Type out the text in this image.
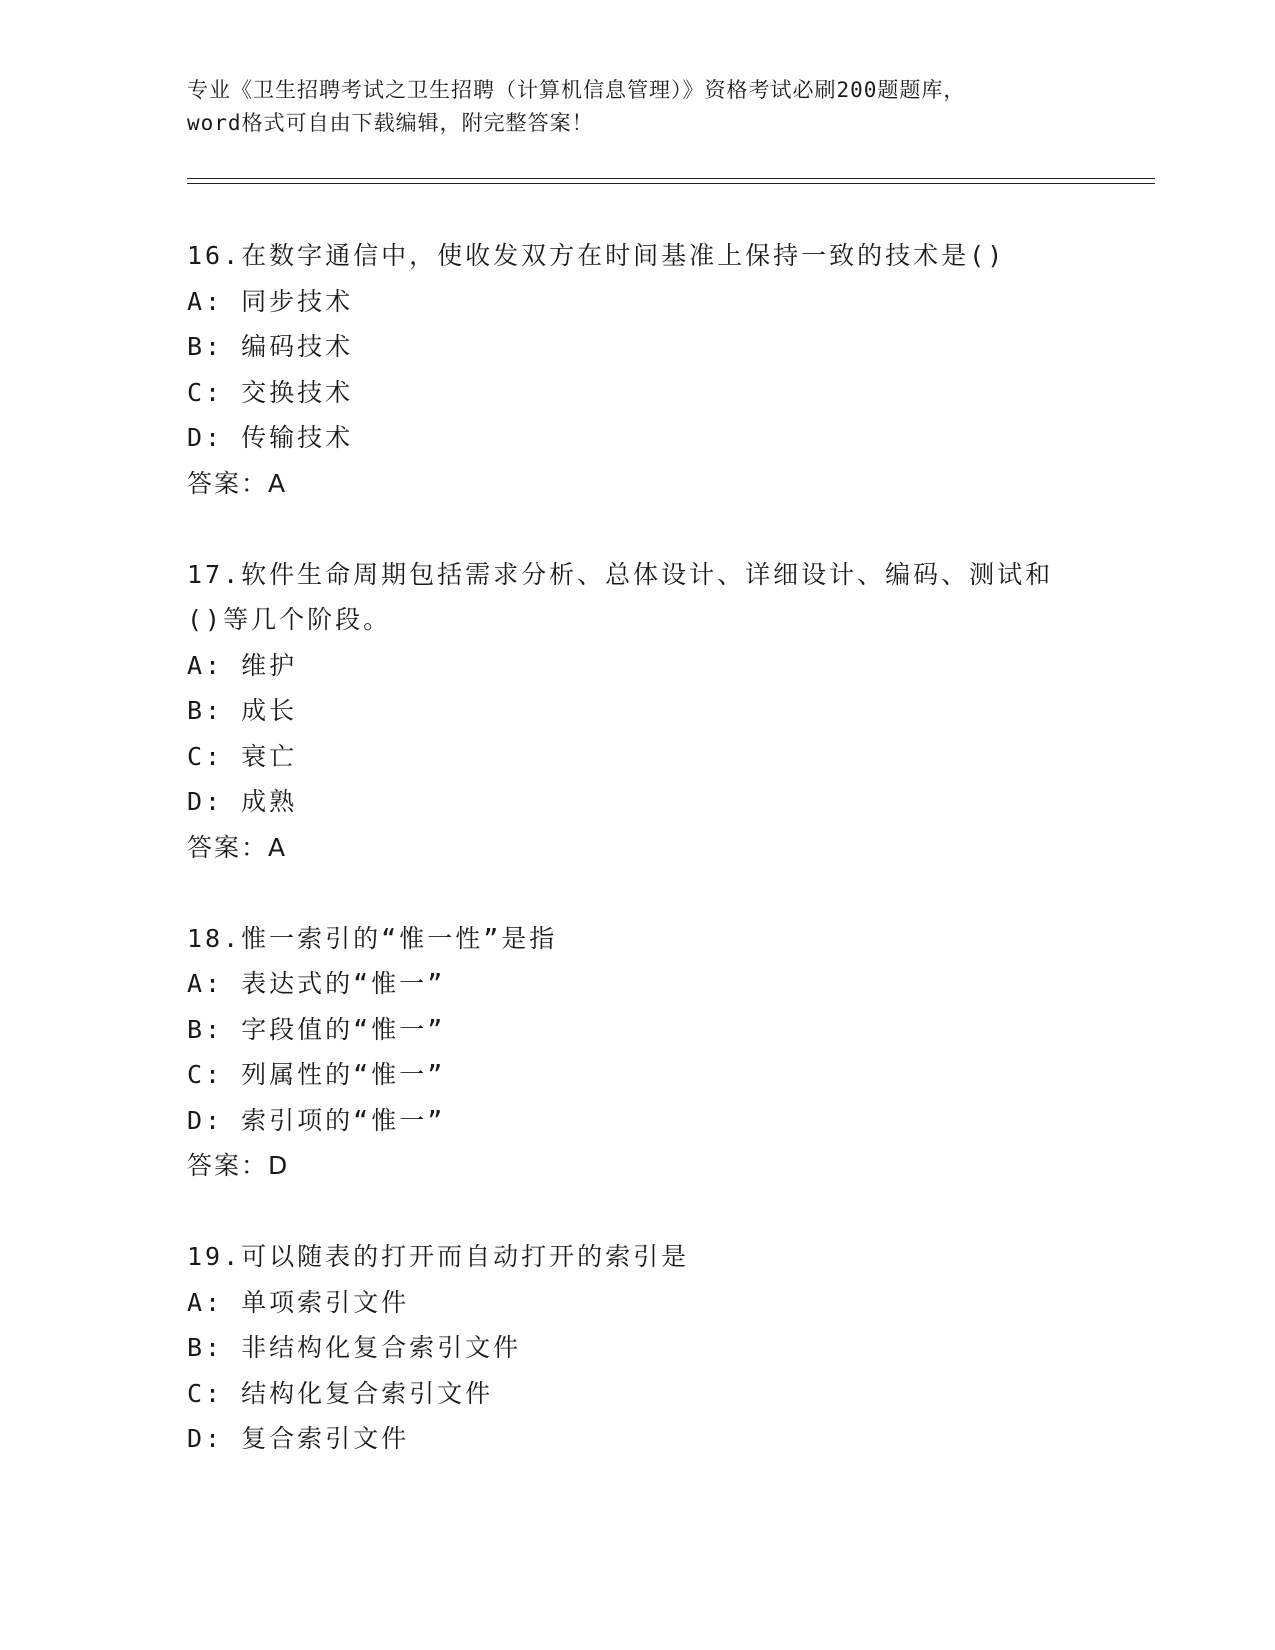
专业《卫生招聘考试之卫生招聘（计算机信息管理）》资格考试必刷200题题库，
word格式可自由下载编辑，附完整答案！
16.在数字通信中，使收发双方在时间基准上保持一致的技术是()
A: 同步技术
B: 编码技术
C: 交换技术
D: 传输技术
答案：A
17.软件生命周期包括需求分析、总体设计、详细设计、编码、测试和
()等几个阶段。
A: 维护
B: 成长
C: 衰亡
D: 成熟
答案：A
18.惟一索引的“惟一性”是指
A: 表达式的“惟一”
B: 字段值的“惟一”
C: 列属性的“惟一”
D: 索引项的“惟一”
答案：D
19.可以随表的打开而自动打开的索引是
A: 单项索引文件
B: 非结构化复合索引文件
C: 结构化复合索引文件
D: 复合索引文件
